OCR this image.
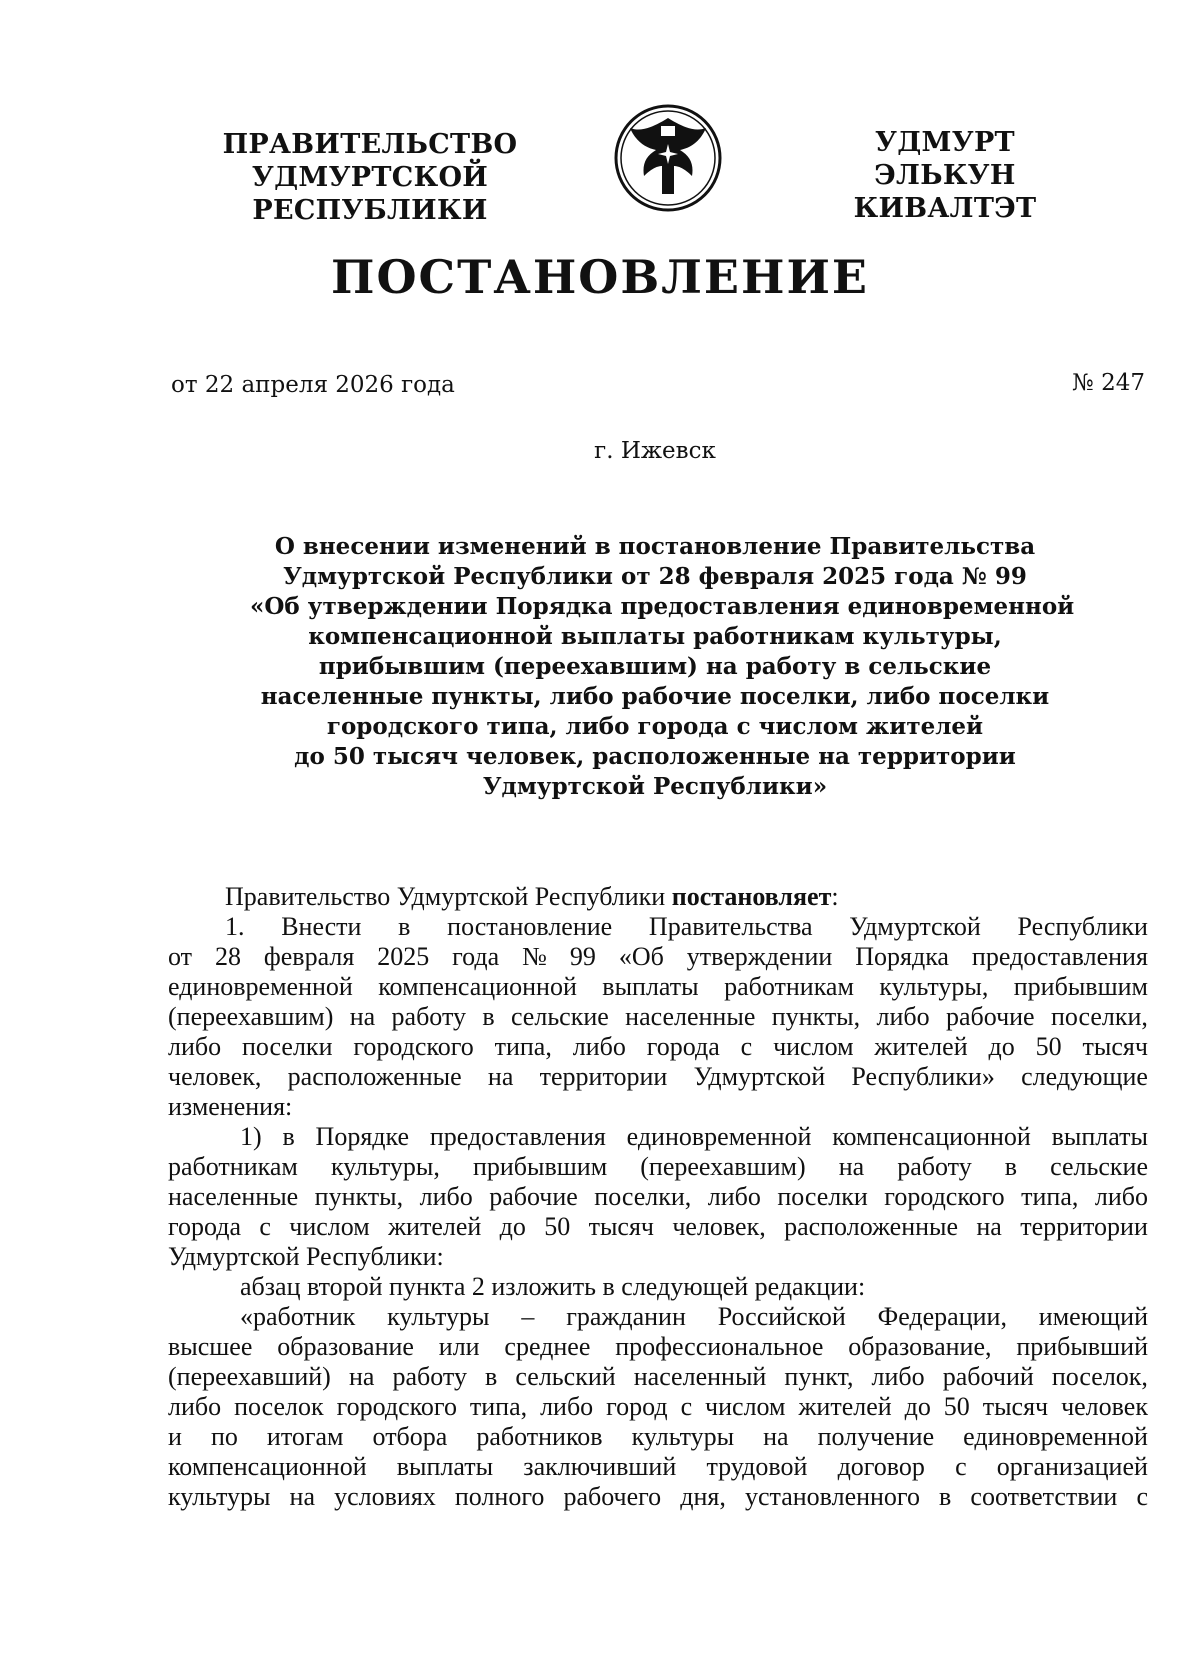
ПРАВИТЕЛЬСТВО
УДМУРТСКОЙ РЕСПУБЛИКИ
УДМУРТ ЭЛЬКУН
КИВАЛТЭТ
ПОСТАНОВЛЕНИЕ
от 22 апреля 2026 года	№ 247
г. Ижевск
О внесении изменений в постановление Правительства
Удмуртской Республики от 28 февраля 2025 года № 99
«Об утверждении Порядка предоставления единовременной
компенсационной выплаты работникам культуры,
прибывшим (переехавшим) на работу в сельские
населенные пункты, либо рабочие поселки, либо поселки
городского типа, либо города с числом жителей
до 50 тысяч человек, расположенные на территории
Удмуртской Республики»
Правительство Удмуртской Республики постановляет :
1. Внести в постановление Правительства Удмуртской Республики
от 28 февраля 2025 года № 99 «Об утверждении Порядка предоставления
единовременной компенсационной выплаты работникам культуры, прибывшим
(переехавшим) на работу в сельские населенные пункты, либо рабочие поселки,
либо поселки городского типа, либо города с числом жителей до 50 тысяч
человек, расположенные на территории Удмуртской Республики» следующие
изменения:
1) в Порядке предоставления единовременной компенсационной выплаты
работникам культуры, прибывшим (переехавшим) на работу в сельские
населенные пункты, либо рабочие поселки, либо поселки городского типа, либо
города с числом жителей до 50 тысяч человек, расположенные на территории
Удмуртской Республики:
абзац второй пункта 2 изложить в следующей редакции:
«работник культуры – гражданин Российской Федерации, имеющий
высшее образование или среднее профессиональное образование, прибывший
(переехавший) на работу в сельский населенный пункт, либо рабочий поселок,
либо поселок городского типа, либо город с числом жителей до 50 тысяч человек
и по итогам отбора работников культуры на получение единовременной
компенсационной выплаты заключивший трудовой договор с организацией
культуры на условиях полного рабочего дня, установленного в соответствии с
